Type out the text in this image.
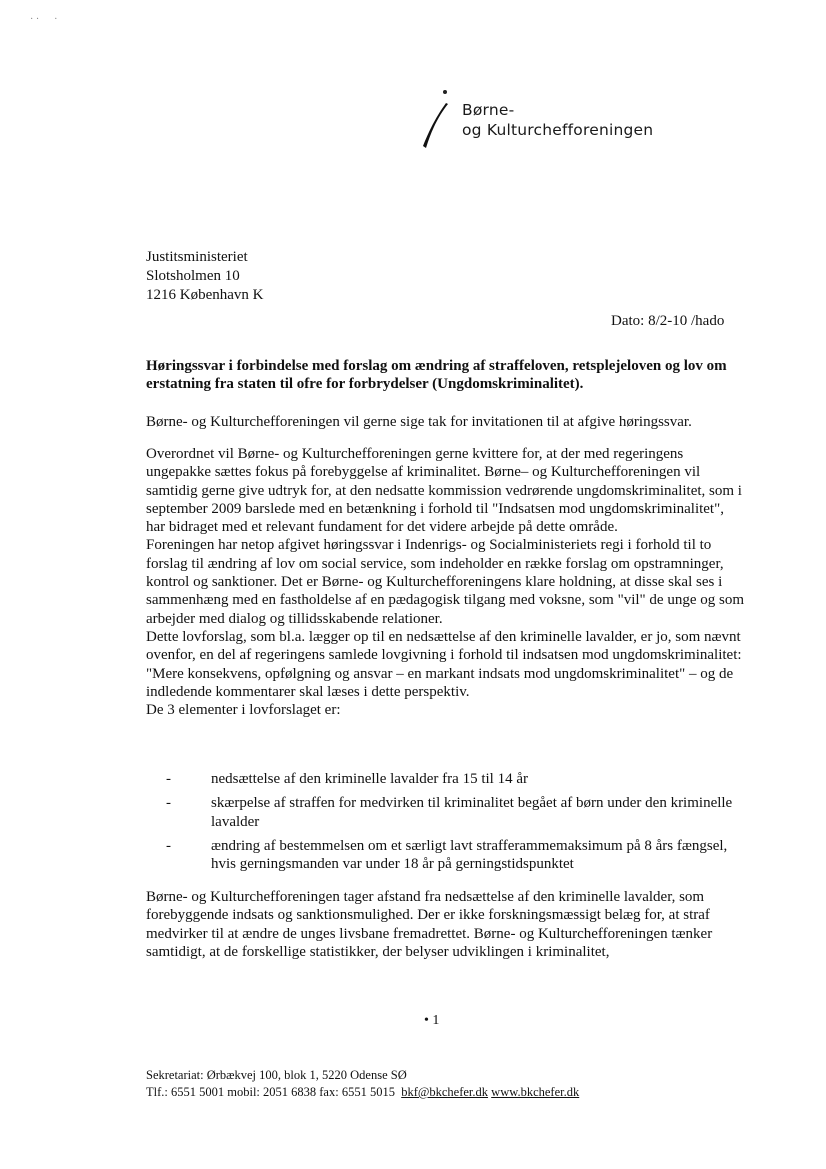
· ·      ·
Børne-
og Kulturchefforeningen
Justitsministeriet
Slotsholmen 10
1216 København K
Dato: 8/2-10 /hado
Høringssvar i forbindelse med forslag om ændring af straffeloven, retsplejeloven og lov om erstatning fra staten til ofre for forbrydelser (Ungdomskriminalitet).
Børne- og Kulturchefforeningen vil gerne sige tak for invitationen til at afgive høringssvar.
Overordnet vil Børne- og Kulturchefforeningen gerne kvittere for, at der med regeringens ungepakke sættes fokus på forebyggelse af kriminalitet. Børne– og Kulturchefforeningen vil samtidig gerne give udtryk for, at den nedsatte kommission vedrørende ungdomskriminalitet, som i september 2009 barslede med en betænkning i forhold til "Indsatsen mod ungdomskriminalitet", har bidraget med et relevant fundament for det videre arbejde på dette område.
Foreningen har netop afgivet høringssvar i Indenrigs- og Socialministeriets regi i forhold til to forslag til ændring af lov om social service, som indeholder en række forslag om opstramninger, kontrol og sanktioner. Det er Børne- og Kulturchefforeningens klare holdning, at disse skal ses i sammenhæng med en fastholdelse af en pædagogisk tilgang med voksne, som "vil" de unge og som arbejder med dialog og tillidsskabende relationer.
Dette lovforslag, som bl.a. lægger op til en nedsættelse af den kriminelle lavalder, er jo, som nævnt ovenfor, en del af regeringens samlede lovgivning i forhold til indsatsen mod ungdomskriminalitet: "Mere konsekvens, opfølgning og ansvar – en markant indsats mod ungdomskriminalitet" – og de indledende kommentarer skal læses i dette perspektiv.
De 3 elementer i lovforslaget er:
-	nedsættelse af den kriminelle lavalder fra 15 til 14 år
-	skærpelse af straffen for medvirken til kriminalitet begået af børn under den kriminelle lavalder
-	ændring af bestemmelsen om et særligt lavt strafferammemaksimum på 8 års fængsel, hvis gerningsmanden var under 18 år på gerningstidspunktet
Børne- og Kulturchefforeningen tager afstand fra nedsættelse af den kriminelle lavalder, som forebyggende indsats og sanktionsmulighed. Der er ikke forskningsmæssigt belæg for, at straf medvirker til at ændre de unges livsbane fremadrettet. Børne- og Kulturchefforeningen tænker samtidigt, at de forskellige statistikker, der belyser udviklingen i kriminalitet,
• 1
Sekretariat: Ørbækvej 100, blok 1, 5220 Odense SØ
Tlf.: 6551 5001 mobil: 2051 6838 fax: 6551 5015 bkf@bkchefer.dk www.bkchefer.dk
